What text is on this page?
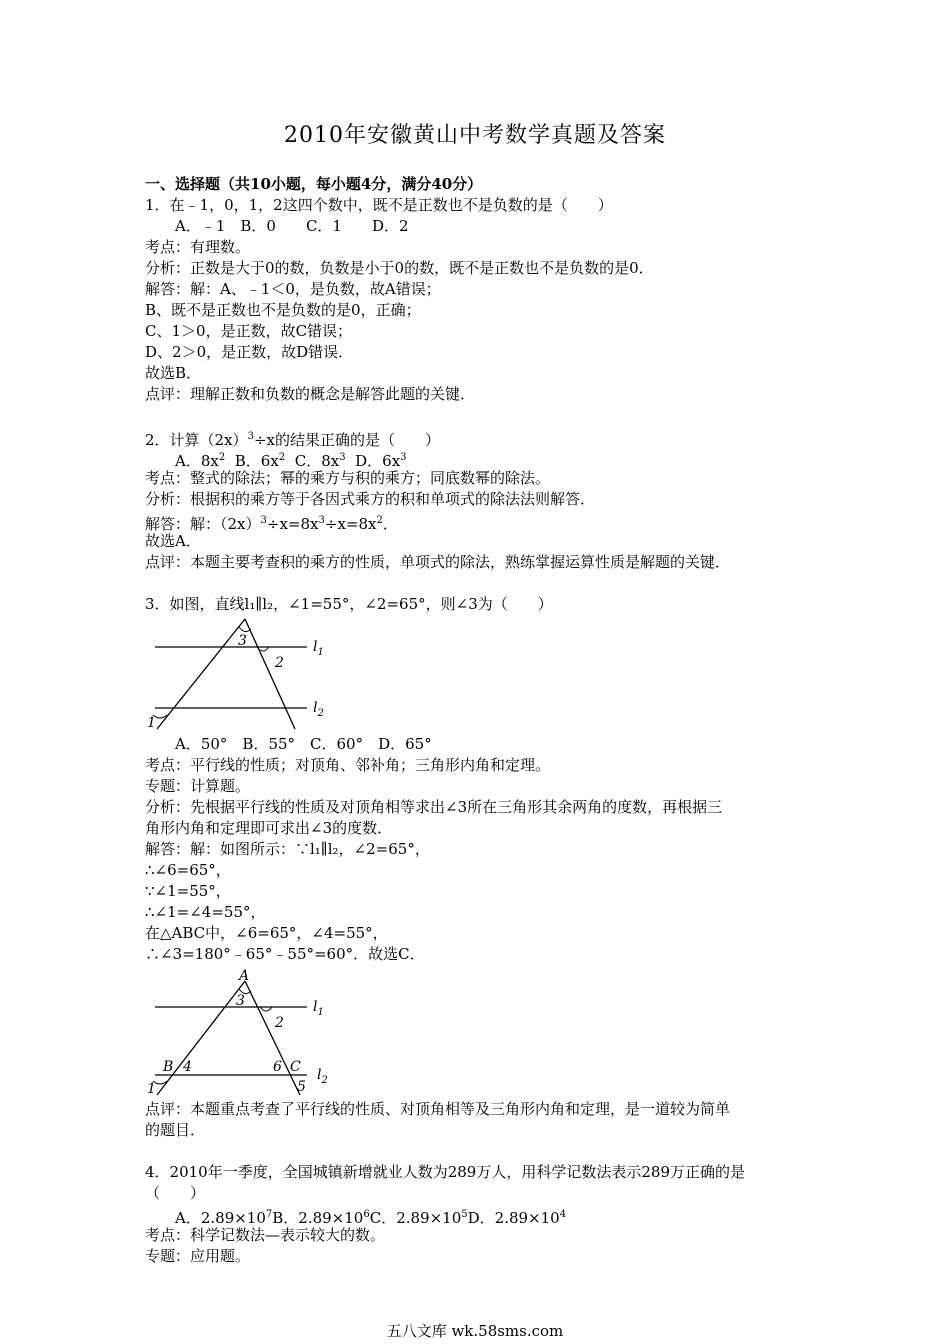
2010年安徽黄山中考数学真题及答案
一、选择题（共10小题，每小题4分，满分40分）
1．在﹣1，0，1，2这四个数中，既不是正数也不是负数的是（　　）
A．﹣1　B．0　　C．1　　D．2
考点：有理数。
分析：正数是大于0的数，负数是小于0的数，既不是正数也不是负数的是0．
解答：解：A、﹣1＜0，是负数，故A错误；
B、既不是正数也不是负数的是0，正确；
C、1＞0，是正数，故C错误；
D、2＞0，是正数，故D错误．
故选B．
点评：理解正数和负数的概念是解答此题的关键．
2．计算$(2x)^3\div x$的结果正确的是（　　）
A．$8x^2$ B．$6x^2$ C．$8x^3$ D．$6x^3$
考点：整式的除法；幂的乘方与积的乘方；同底数幂的除法。
分析：根据积的乘方等于各因式乘方的积和单项式的除法法则解答．
解答：解：$(2x)^3\div x=8x^3\div x=8x^2$．
故选A．
点评：本题主要考查积的乘方的性质，单项式的除法，熟练掌握运算性质是解题的关键．
3．如图，直线l₁∥l₂，∠1=55°，∠2=65°，则∠3为（　　）
3
2
1
$l_1$
$l_2$
A．50°　B．55°　C．60°　D．65°
考点：平行线的性质；对顶角、邻补角；三角形内角和定理。
专题：计算题。
分析：先根据平行线的性质及对顶角相等求出∠3所在三角形其余两角的度数，再根据三
角形内角和定理即可求出∠3的度数．
解答：解：如图所示：∵l₁∥l₂，∠2=65°，
∴∠6=65°，
∵∠1=55°，
∴∠1=∠4=55°，
在△ABC中，∠6=65°，∠4=55°，
∴∠3=180°﹣65°﹣55°=60°．故选C．
A
3
2
B 4	6 C
5
1
$l_1$
$l_2$
点评：本题重点考查了平行线的性质、对顶角相等及三角形内角和定理，是一道较为简单
的题目．
4．2010年一季度，全国城镇新增就业人数为289万人，用科学记数法表示289万正确的是
（　　）
A．$2.89\times 10^7B$．$2.89\times 10^6C$．$2.89\times 10^5D$．$2.89\times 10^4$
考点：科学记数法—表示较大的数。
专题：应用题。
五八文库 wk.58sms.com
